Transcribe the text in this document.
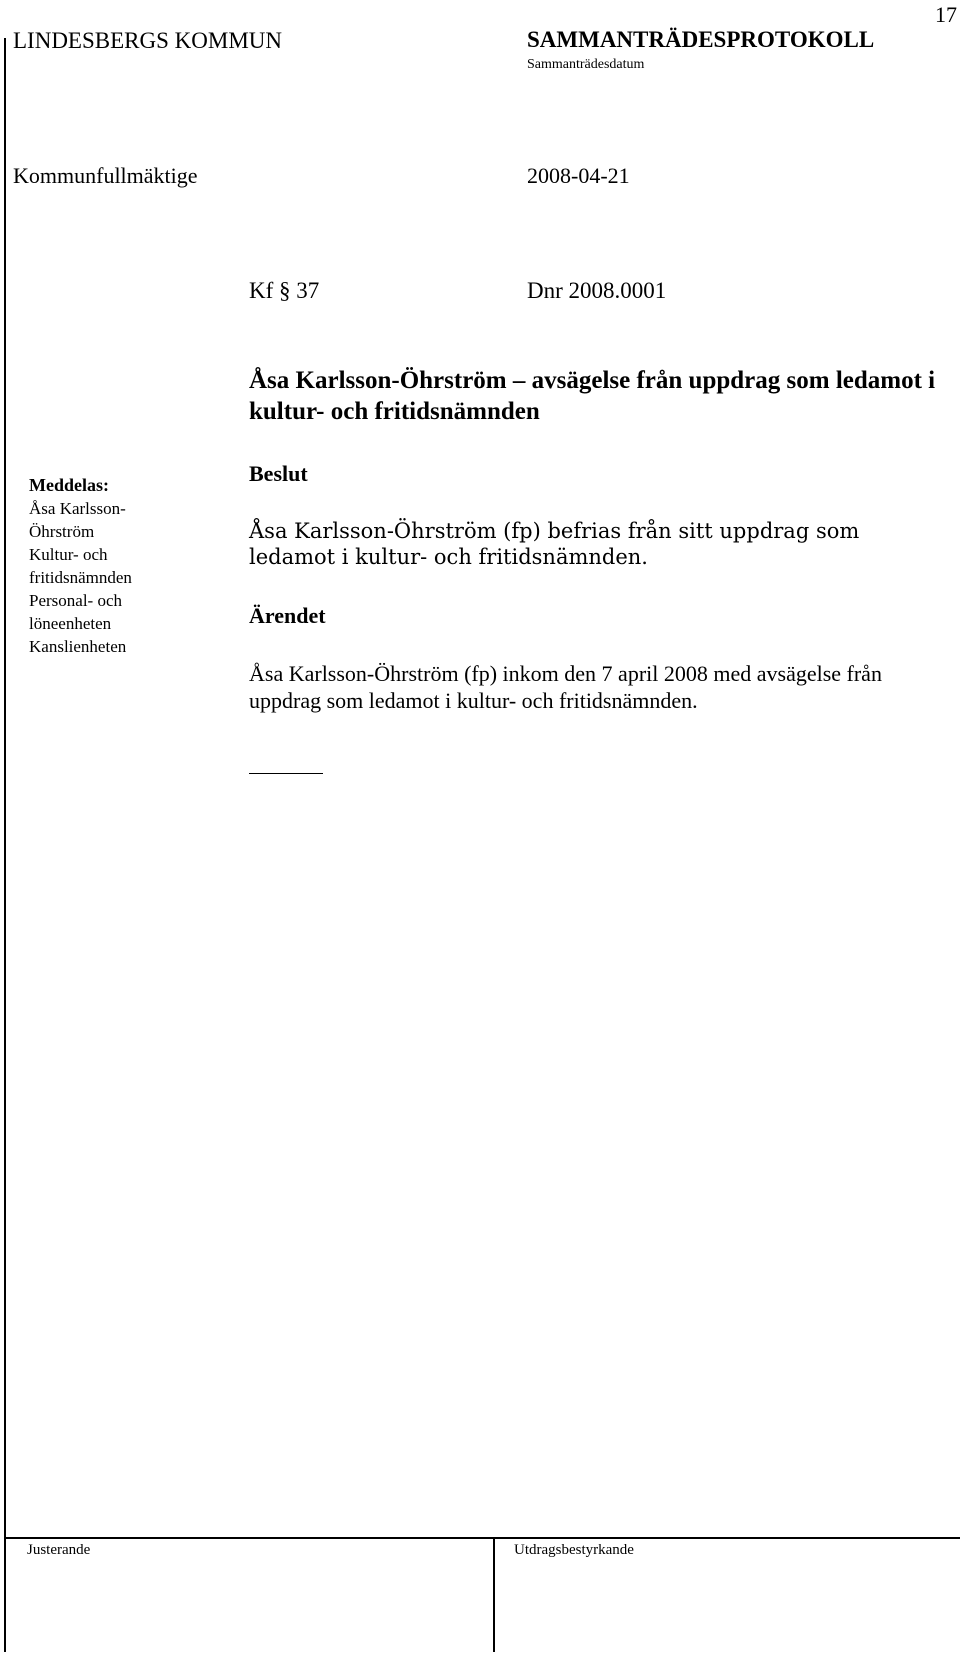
17
LINDESBERGS KOMMUN	SAMMANTRÄDESPROTOKOLL
Sammanträdesdatum
Kommunfullmäktige	2008-04-21
Kf § 37	Dnr 2008.0001
Åsa Karlsson-Öhrström – avsägelse från uppdrag som ledamot i kultur- och fritidsnämnden
Meddelas:
Åsa Karlsson-
Öhrström
Kultur- och
fritidsnämnden
Personal- och
löneenheten
Kanslienheten
Beslut
Åsa Karlsson-Öhrström (fp) befrias från sitt uppdrag som ledamot i kultur- och fritidsnämnden.
Ärendet
Åsa Karlsson-Öhrström (fp) inkom den 7 april 2008 med avsägelse från uppdrag som ledamot i kultur- och fritidsnämnden.
Justerande	Utdragsbestyrkande
